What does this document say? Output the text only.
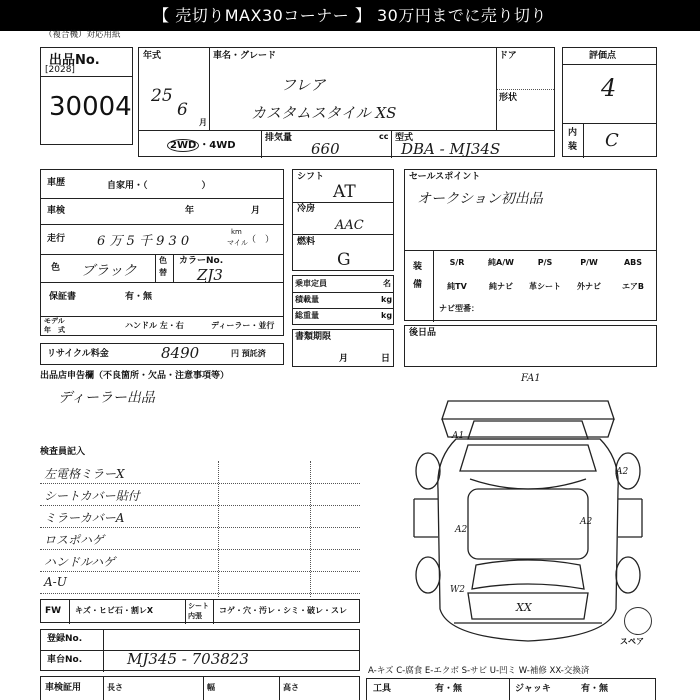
【 売切りMAX30コーナー 】 30万円までに売り切り
（複合機）対応用紙
出品No.
[2028]
30004
年式
25
6
月
車名・グレード
フレア
カスタムスタイル XS
ドア
形状
2WD ・4WD
排気量	cc
660
型式
DBA - MJ34S
評価点
4
内
装 C
車歴	自家用・（　　　　　　）
車検	年	月
走行 6 万 5 千 9 3 0
km
マイル （　）
色 ブラック
色
替
カラーNo.
ZJ3
保証書	有・無
モデル
年　式	ハンドル 左・右	ディーラー・並行
リサイクル料金	8490	円 預託済
シフト
AT
冷房
AAC
燃料
G
乗車定員	名
積載量	kg
総重量	kg
書類期限
月	日
セールスポイント
オークション初出品
装
備
S/R	純A/W	P/S	P/W	ABS
純TV	純ナビ	革シート	外ナビ	エアB
ナビ型番：
後日品
出品店申告欄（不良箇所・欠品・注意事項等）
ディーラー出品
検査員記入
左電格ミラーX
シートカバー貼付
ミラーカバーA
ロスポハゲ
ハンドルハゲ
A-U
FW キズ・ヒビ石・割レX	シート
内張
コゲ・穴・汚レ・シミ・破レ・スレ
登録No.
車台No.	MJ345 - 703823
車検証用	長さ	幅	高さ
FA1
A1
A2
A2
A2
W2
XX
スペア
A-キズ C-腐食 E-エクボ S-サビ U-凹ミ W-補修 XX-交換済
工具	有・無	ジャッキ	有・無
